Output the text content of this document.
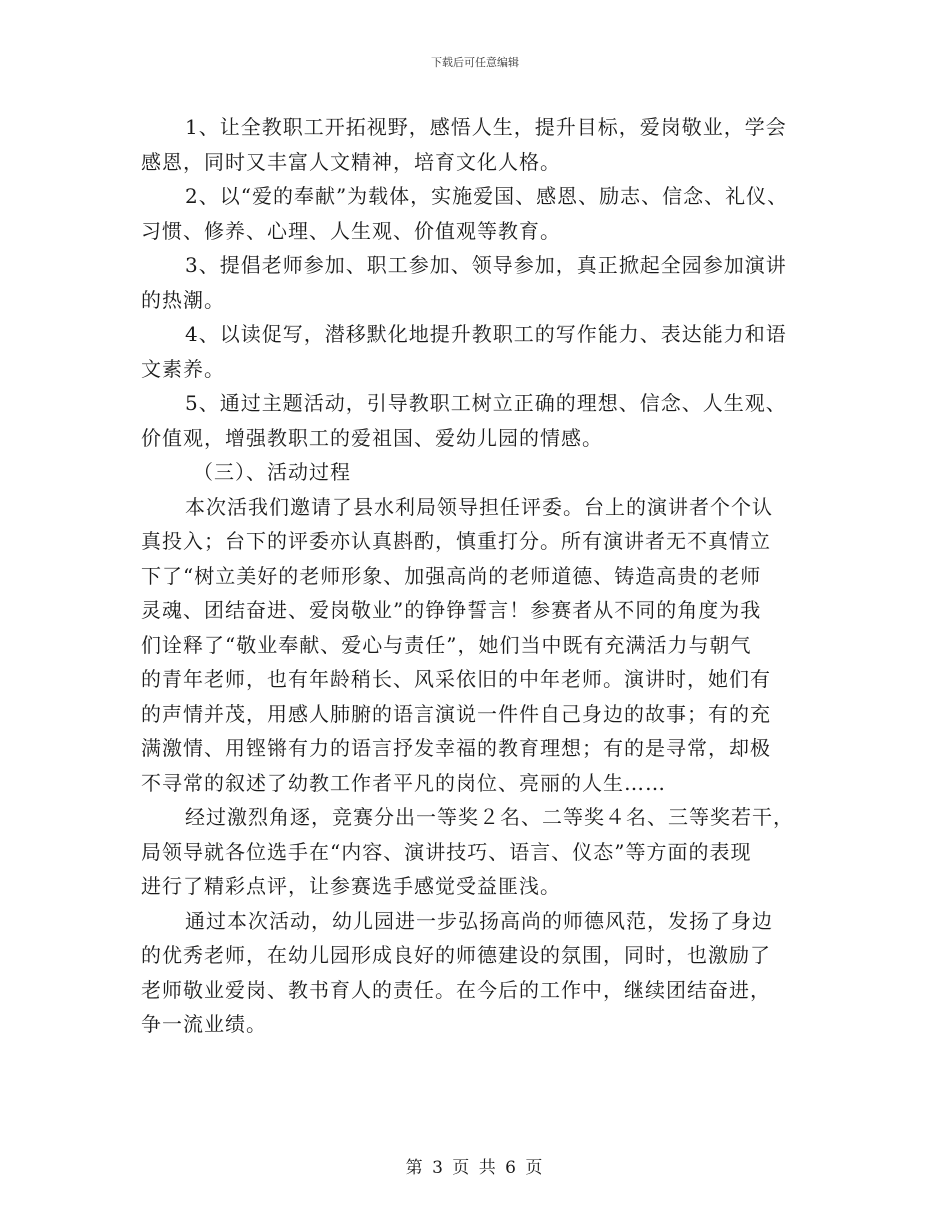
下载后可任意编辑
1、让全教职工开拓视野，感悟人生，提升目标，爱岗敬业，学会
感恩，同时又丰富人文精神，培育文化人格。
2、以“爱的奉献”为载体，实施爱国、感恩、励志、信念、礼仪、
习惯、修养、心理、人生观、价值观等教育。
3、提倡老师参加、职工参加、领导参加，真正掀起全园参加演讲
的热潮。
4、以读促写，潜移默化地提升教职工的写作能力、表达能力和语
文素养。
5、通过主题活动，引导教职工树立正确的理想、信念、人生观、
价值观，增强教职工的爱祖国、爱幼儿园的情感。
（三）、活动过程
本次活我们邀请了县水利局领导担任评委。台上的演讲者个个认
真投入；台下的评委亦认真斟酌，慎重打分。所有演讲者无不真情立
下了“树立美好的老师形象、加强高尚的老师道德、铸造高贵的老师
灵魂、团结奋进、爱岗敬业”的铮铮誓言！参赛者从不同的角度为我
们诠释了“敬业奉献、爱心与责任”，她们当中既有充满活力与朝气
的青年老师，也有年龄稍长、风采依旧的中年老师。演讲时，她们有
的声情并茂，用感人肺腑的语言演说一件件自己身边的故事；有的充
满激情、用铿锵有力的语言抒发幸福的教育理想；有的是寻常，却极
不寻常的叙述了幼教工作者平凡的岗位、亮丽的人生……
经过激烈角逐，竞赛分出一等奖２名、二等奖４名、三等奖若干，
局领导就各位选手在“内容、演讲技巧、语言、仪态”等方面的表现
进行了精彩点评，让参赛选手感觉受益匪浅。
通过本次活动，幼儿园进一步弘扬高尚的师德风范，发扬了身边
的优秀老师，在幼儿园形成良好的师德建设的氛围，同时，也激励了
老师敬业爱岗、教书育人的责任。在今后的工作中，继续团结奋进，
争一流业绩。
第 3 页 共 6 页
